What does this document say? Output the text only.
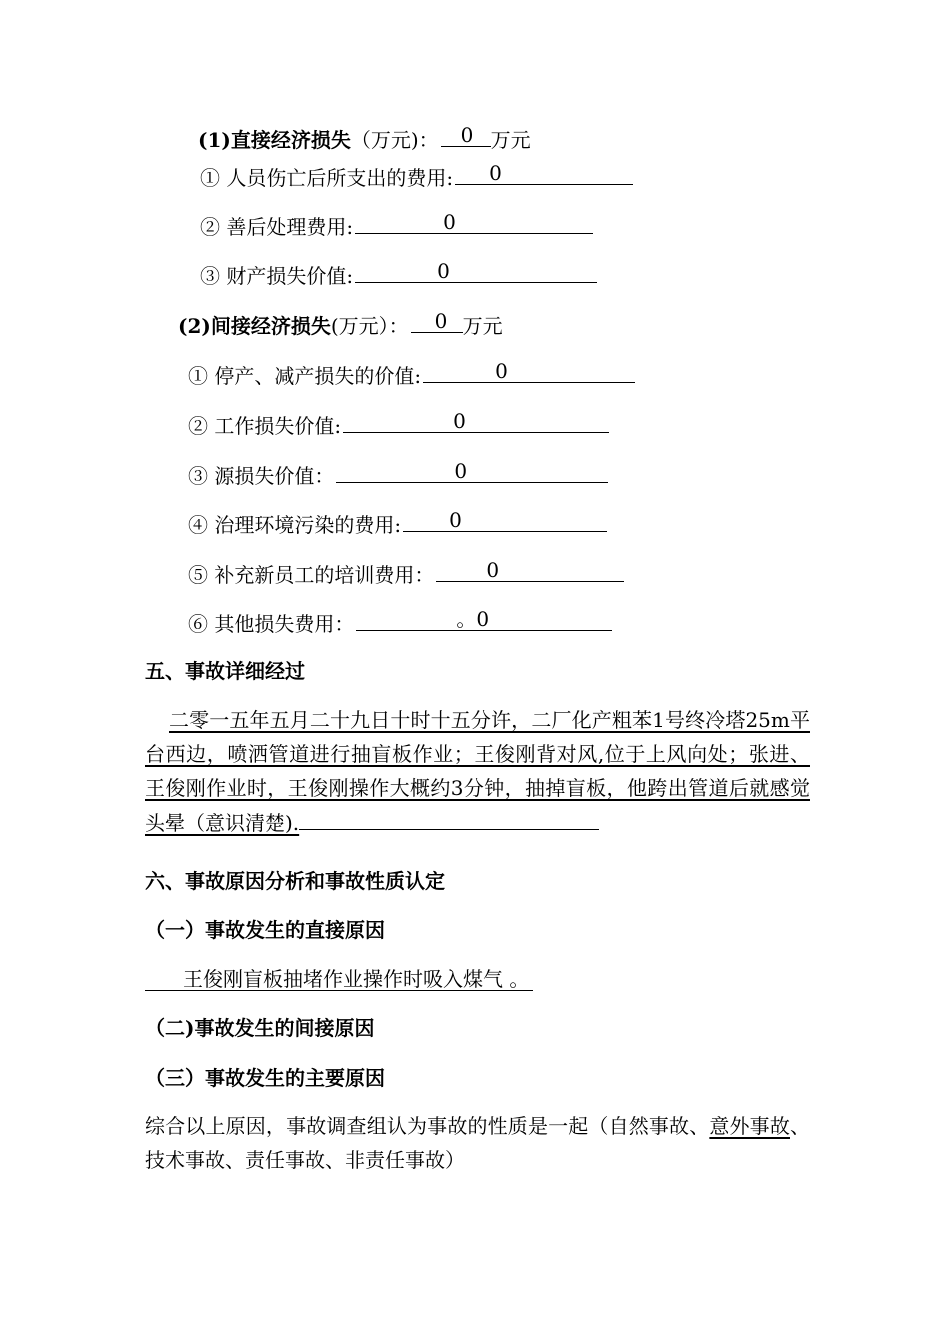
(1)直接经济损失（万元)： 0 万元
① 人员伤亡后所支出的费用: 0
② 善后处理费用:	0
③ 财产损失价值:	0
(2)间接经济损失(万元）： 0 万元
① 停产、减产损失的价值:	0
② 工作损失价值:	0
③ 源损失价值：	0
④ 治理环境污染的费用: 0
⑤ 补充新员工的培训费用：	0
⑥ 其他损失费用：	。0
五、事故详细经过
二零一五年五月二十九日十时十五分许，二厂化产粗苯1号终冷塔25m平台西边，喷洒管道进行抽盲板作业；王俊刚背对风,位于上风向处；张进、王俊刚作业时，王俊刚操作大概约3分钟，抽掉盲板，他跨出管道后就感觉头晕（意识清楚).
六、事故原因分析和事故性质认定
（一）事故发生的直接原因
王俊刚盲板抽堵作业操作时吸入煤气 。
（二)事故发生的间接原因
（三）事故发生的主要原因
综合以上原因，事故调查组认为事故的性质是一起（自然事故、意外事故、技术事故、责任事故、非责任事故）
